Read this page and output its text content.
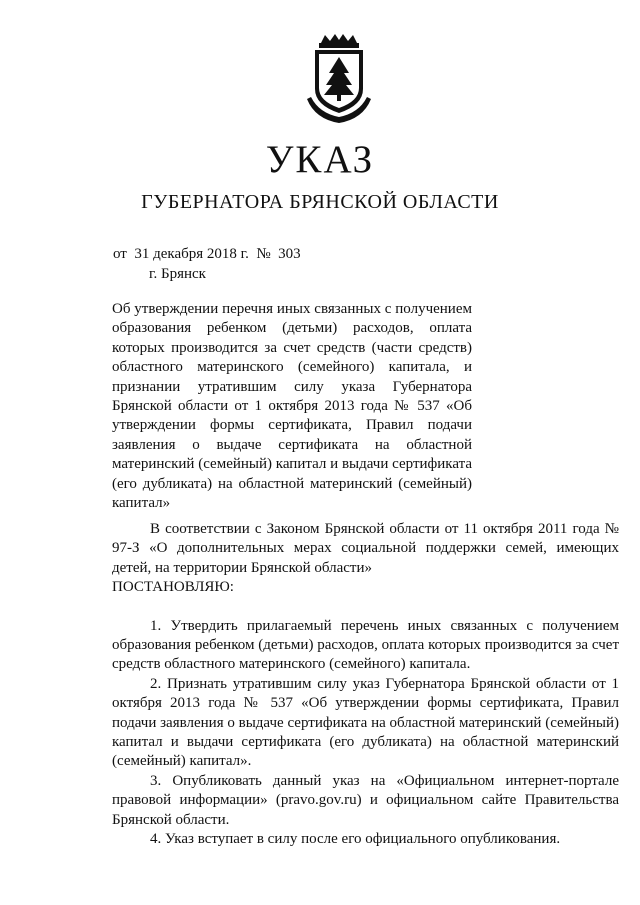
УКАЗ
ГУБЕРНАТОРА БРЯНСКОЙ ОБЛАСТИ
от  31 декабря 2018 г.  №  303
г. Брянск
Об утверждении перечня иных связанных с получением образования ребенком (детьми) расходов, оплата которых производится за счет средств (части средств) областного материнского (семейного) капитала, и признании утратившим силу указа Губернатора Брянской области от 1 октября 2013 года № 537 «Об утверждении формы сертификата, Правил подачи заявления о выдаче сертификата на областной материнский (семейный) капитал и выдачи сертификата (его дубликата) на областной материнский (семейный) капитал»

В соответствии с Законом Брянской области от 11 октября 2011 года № 97-З «О дополнительных мерах социальной поддержки семей, имеющих детей, на территории Брянской области»

ПОСТАНОВЛЯЮ:

1. Утвердить прилагаемый перечень иных связанных с получением образования ребенком (детьми) расходов, оплата которых производится за счет средств областного материнского (семейного) капитала.

2. Признать утратившим силу указ Губернатора Брянской области от 1 октября 2013 года № 537 «Об утверждении формы сертификата, Правил подачи заявления о выдаче сертификата на областной материнский (семейный) капитал и выдачи сертификата (его дубликата) на областной материнский (семейный) капитал».

3. Опубликовать данный указ на «Официальном интернет-портале правовой информации» (pravo.gov.ru) и официальном сайте Правительства Брянской области.

4. Указ вступает в силу после его официального опубликования.
